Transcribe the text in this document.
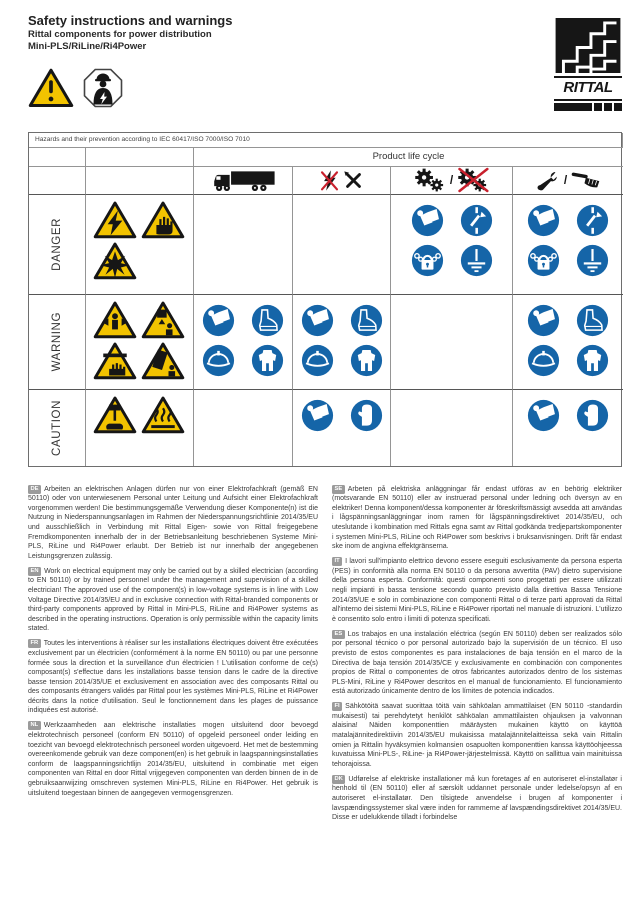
Safety instructions and warnings

Rittal components for power distribution

Mini-PLS/RiLine/Ri4Power

RITTAL
Hazards and their prevention according to IEC 60417/ISO 7000/ISO 7010
Product life cycle
/	/
DANGER
WARNING
CAUTION

DE Arbeiten an elektrischen Anlagen dürfen nur von einer Elektrofachkraft (gemäß EN 50110) oder von unterwiesenem Personal unter Leitung und Aufsicht einer Elektrofachkraft vorgenommen werden! Die bestimmungsgemäße Verwendung dieser Komponente(n) ist die Nutzung in Niederspannungsanlagen im Rahmen der Niederspannungsrichtlinie 2014/35/EU und ausschließlich in Verbindung mit Rittal Eigen- sowie von Rittal freigegebene Fremdkomponenten innerhalb der in der Betriebsanleitung beschriebenen Systeme Mini-PLS, RiLine und Ri4Power erlaubt. Der Betrieb ist nur innerhalb der angegebenen Leistungsgrenzen zulässig.

EN Work on electrical equipment may only be carried out by a skilled electrician (according to EN 50110) or by trained personnel under the management and supervision of a skilled electrician! The approved use of the component(s) in low-voltage systems is in line with Low Voltage Directive 2014/35/EU and in exclusive connection with Rittal-branded components or third-party components approved by Rittal in Mini-PLS, RiLine and Ri4Power systems as described in the operating instructions. Operation is only permissible within the capacity limits stated.

FR Toutes les interventions à réaliser sur les installations électriques doivent être exécutées exclusivement par un électricien (conformément à la norme EN 50110) ou par une personne formée sous la direction et la surveillance d'un électricien ! L'utilisation conforme de ce(s) composant(s) s'effectue dans les installations basse tension dans le cadre de la directive basse tension 2014/35/UE et exclusivement en association avec des composants Rittal ou des composants étrangers validés par Rittal pour les systèmes Mini-PLS, RiLine et Ri4Power décrits dans la notice d'utilisation. Seul le fonctionnement dans les plages de puissance indiquées est autorisé.

NL Werkzaamheden aan elektrische installaties mogen uitsluitend door bevoegd elektrotechnisch personeel (conform EN 50110) of opgeleid personeel onder leiding en toezicht van bevoegd elektrotechnisch personeel worden uitgevoerd. Het met de bestemming overeenkomende gebruik van deze component(en) is het gebruik in laagspanningsinstallaties conform de laagspanningsrichtlijn 2014/35/EU, uitsluitend in combinatie met eigen componenten van Rittal en door Rittal vrijgegeven componenten van derden binnen de in de gebruiksaanwijzing omschreven systemen Mini-PLS, RiLine en Ri4Power. Het gebruik is uitsluitend toegestaan binnen de aangegeven vermogensgrenzen.

SE Arbeten på elektriska anläggningar får endast utföras av en behörig elektriker (motsvarande EN 50110) eller av instruerad personal under ledning och översyn av en elektriker! Denna komponent/dessa komponenter är föreskriftsmässigt avsedda att användas i lågspänningsanläggningar inom ramen för lågspänningsdirektivet 2014/35/EU, och uteslutande i kombination med Rittals egna samt av Rittal godkända tredjepartskomponenter i systemen Mini-PLS, RiLine och Ri4Power som beskrivs i bruksanvisningen. Drift får endast ske inom de angivna effektgränserna.

IT I lavori sull'impianto elettrico devono essere eseguiti esclusivamente da persona esperta (PES) in conformità alla norma EN 50110 o da persona avvertita (PAV) dietro supervisione della persona esperta. Conformità: questi componenti sono progettati per essere utilizzati negli impianti in bassa tensione secondo quanto previsto dalla direttiva Bassa Tensione 2014/35/UE e solo in combinazione con componenti Rittal o di terze parti approvati da Rittal all'interno dei sistemi Mini-PLS, RiLine e Ri4Power riportati nel manuale di istruzioni. L'utilizzo è consentito solo entro i limiti di potenza specificati.

ES Los trabajos en una instalación eléctrica (según EN 50110) deben ser realizados sólo por personal técnico o por personal autorizado bajo la supervisión de un técnico. El uso previsto de estos componentes es para instalaciones de baja tensión en el marco de la Directiva de baja tensión 2014/35/CE y exclusivamente en combinación con componentes propios de Rittal o componentes de otros fabricantes autorizados dentro de los sistemas PLS-Mini, RiLine y Ri4Power descritos en el manual de funcionamiento. El funcionamiento está autorizado únicamente dentro de los límites de potencia indicados.

FI Sähkötöitä saavat suorittaa töitä vain sähköalan ammattilaiset (EN 50110 -standardin mukaisesti) tai perehdytetyt henkilöt sähköalan ammattilaisten ohjauksen ja valvonnan alaisina! Näiden komponenttien määräysten mukainen käyttö on käyttöä matalajännitedirektiivin 2014/35/EU mukaisissa matalajännitelaitteissa sekä vain Rittalin omien ja Rittalin hyväksymien kolmansien osapuolten komponenttien kanssa käyttöohjeessa kuvatuissa Mini-PLS-, RiLine- ja Ri4Power-järjestelmissä. Käyttö on sallittua vain mainituissa tehorajoissa.

DK Udførelse af elektriske installationer må kun foretages af en autoriseret el-installatør i henhold til (EN 50110) eller af særskilt uddannet personale under ledelse/opsyn af en autoriseret el-installatør. Den tilsigtede anvendelse i brugen af komponenter i lavspændingssystemer skal være inden for rammerne af lavspændingsdirektivet 2014/35/EU. Disse er udelukkende tilladt i forbindelse
